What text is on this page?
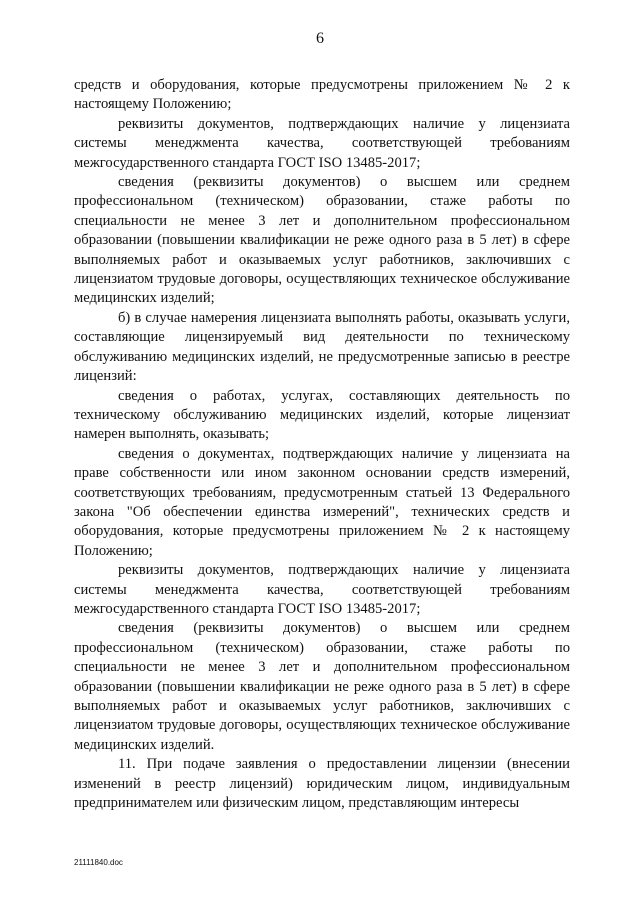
6

средств и оборудования, которые предусмотрены приложением № 2 к настоящему Положению;

реквизиты документов, подтверждающих наличие у лицензиата системы менеджмента качества, соответствующей требованиям межгосударственного стандарта ГОСТ ISO 13485-2017;

сведения (реквизиты документов) о высшем или среднем профессиональном (техническом) образовании, стаже работы по специальности не менее 3 лет и дополнительном профессиональном образовании (повышении квалификации не реже одного раза в 5 лет) в сфере выполняемых работ и оказываемых услуг работников, заключивших с лицензиатом трудовые договоры, осуществляющих техническое обслуживание медицинских изделий;

б) в случае намерения лицензиата выполнять работы, оказывать услуги, составляющие лицензируемый вид деятельности по техническому обслуживанию медицинских изделий, не предусмотренные записью в реестре лицензий:

сведения о работах, услугах, составляющих деятельность по техническому обслуживанию медицинских изделий, которые лицензиат намерен выполнять, оказывать;

сведения о документах, подтверждающих наличие у лицензиата на праве собственности или ином законном основании средств измерений, соответствующих требованиям, предусмотренным статьей 13 Федерального закона "Об обеспечении единства измерений", технических средств и оборудования, которые предусмотрены приложением № 2 к настоящему Положению;

реквизиты документов, подтверждающих наличие у лицензиата системы менеджмента качества, соответствующей требованиям межгосударственного стандарта ГОСТ ISO 13485-2017;

сведения (реквизиты документов) о высшем или среднем профессиональном (техническом) образовании, стаже работы по специальности не менее 3 лет и дополнительном профессиональном образовании (повышении квалификации не реже одного раза в 5 лет) в сфере выполняемых работ и оказываемых услуг работников, заключивших с лицензиатом трудовые договоры, осуществляющих техническое обслуживание медицинских изделий.

11. При подаче заявления о предоставлении лицензии (внесении изменений в реестр лицензий) юридическим лицом, индивидуальным предпринимателем или физическим лицом, представляющим интересы

21111840.doc
